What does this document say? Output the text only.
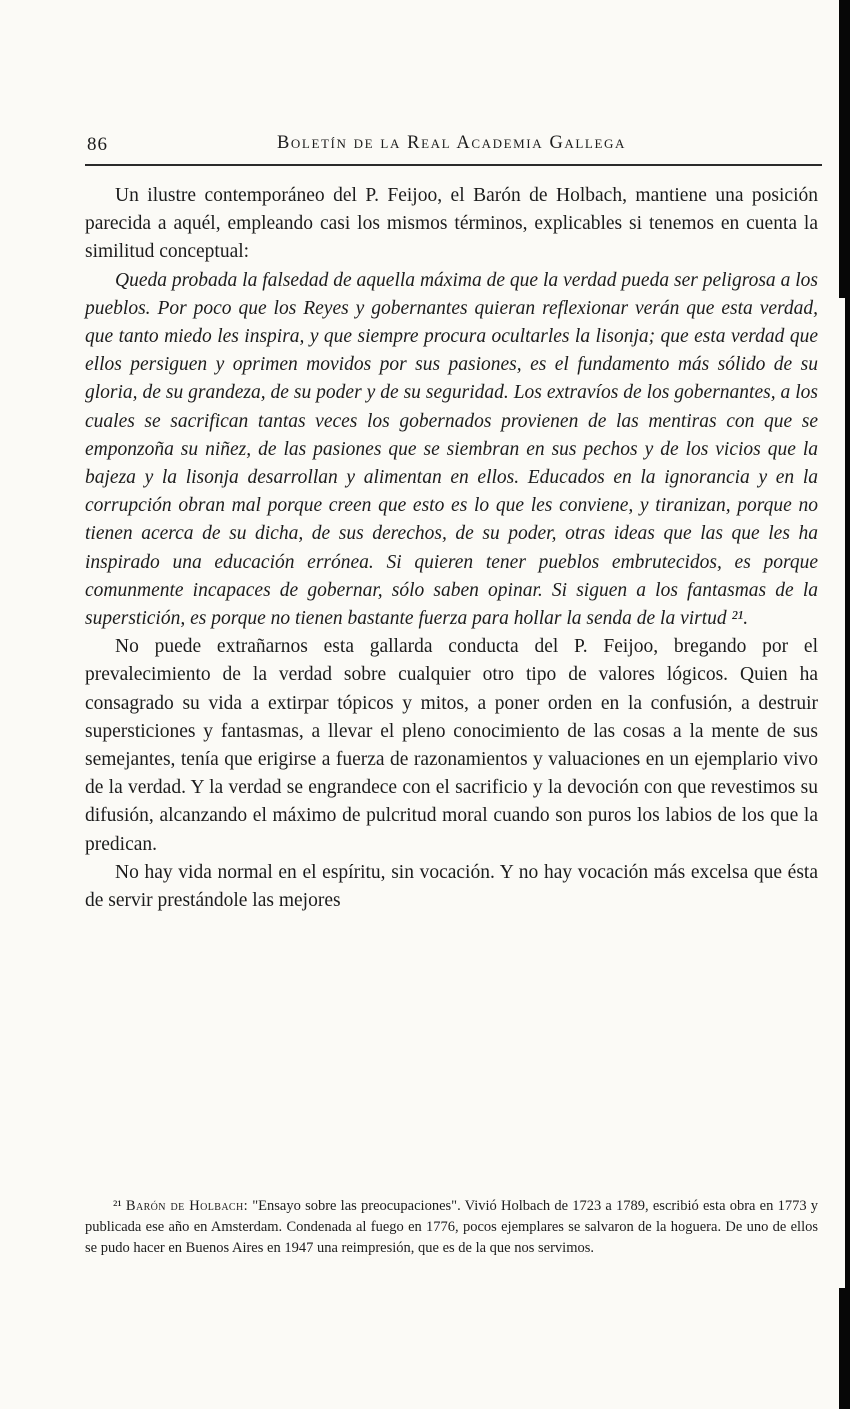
86	Boletín de la Real Academia Gallega

Un ilustre contemporáneo del P. Feijoo, el Barón de Holbach, mantiene una posición parecida a aquél, empleando casi los mismos términos, explicables si tenemos en cuenta la similitud conceptual:

Queda probada la falsedad de aquella máxima de que la verdad pueda ser peligrosa a los pueblos. Por poco que los Reyes y gobernantes quieran reflexionar verán que esta verdad, que tanto miedo les inspira, y que siempre procura ocultarles la lisonja; que esta verdad que ellos persiguen y oprimen movidos por sus pasiones, es el fundamento más sólido de su gloria, de su grandeza, de su poder y de su seguridad. Los extravíos de los gobernantes, a los cuales se sacrifican tantas veces los gobernados provienen de las mentiras con que se emponzoña su niñez, de las pasiones que se siembran en sus pechos y de los vicios que la bajeza y la lisonja desarrollan y alimentan en ellos. Educados en la ignorancia y en la corrupción obran mal porque creen que esto es lo que les conviene, y tiranizan, porque no tienen acerca de su dicha, de sus derechos, de su poder, otras ideas que las que les ha inspirado una educación errónea. Si quieren tener pueblos embrutecidos, es porque comunmente incapaces de gobernar, sólo saben opinar. Si siguen a los fantasmas de la superstición, es porque no tienen bastante fuerza para hollar la senda de la virtud ²¹.

No puede extrañarnos esta gallarda conducta del P. Feijoo, bregando por el prevalecimiento de la verdad sobre cualquier otro tipo de valores lógicos. Quien ha consagrado su vida a extirpar tópicos y mitos, a poner orden en la confusión, a destruir supersticiones y fantasmas, a llevar el pleno conocimiento de las cosas a la mente de sus semejantes, tenía que erigirse a fuerza de razonamientos y valuaciones en un ejemplario vivo de la verdad. Y la verdad se engrandece con el sacrificio y la devoción con que revestimos su difusión, alcanzando el máximo de pulcritud moral cuando son puros los labios de los que la predican.

No hay vida normal en el espíritu, sin vocación. Y no hay vocación más excelsa que ésta de servir prestándole las mejores

²¹ Barón de Holbach: "Ensayo sobre las preocupaciones". Vivió Holbach de 1723 a 1789, escribió esta obra en 1773 y publicada ese año en Amsterdam. Condenada al fuego en 1776, pocos ejemplares se salvaron de la hoguera. De uno de ellos se pudo hacer en Buenos Aires en 1947 una reimpresión, que es de la que nos servimos.
